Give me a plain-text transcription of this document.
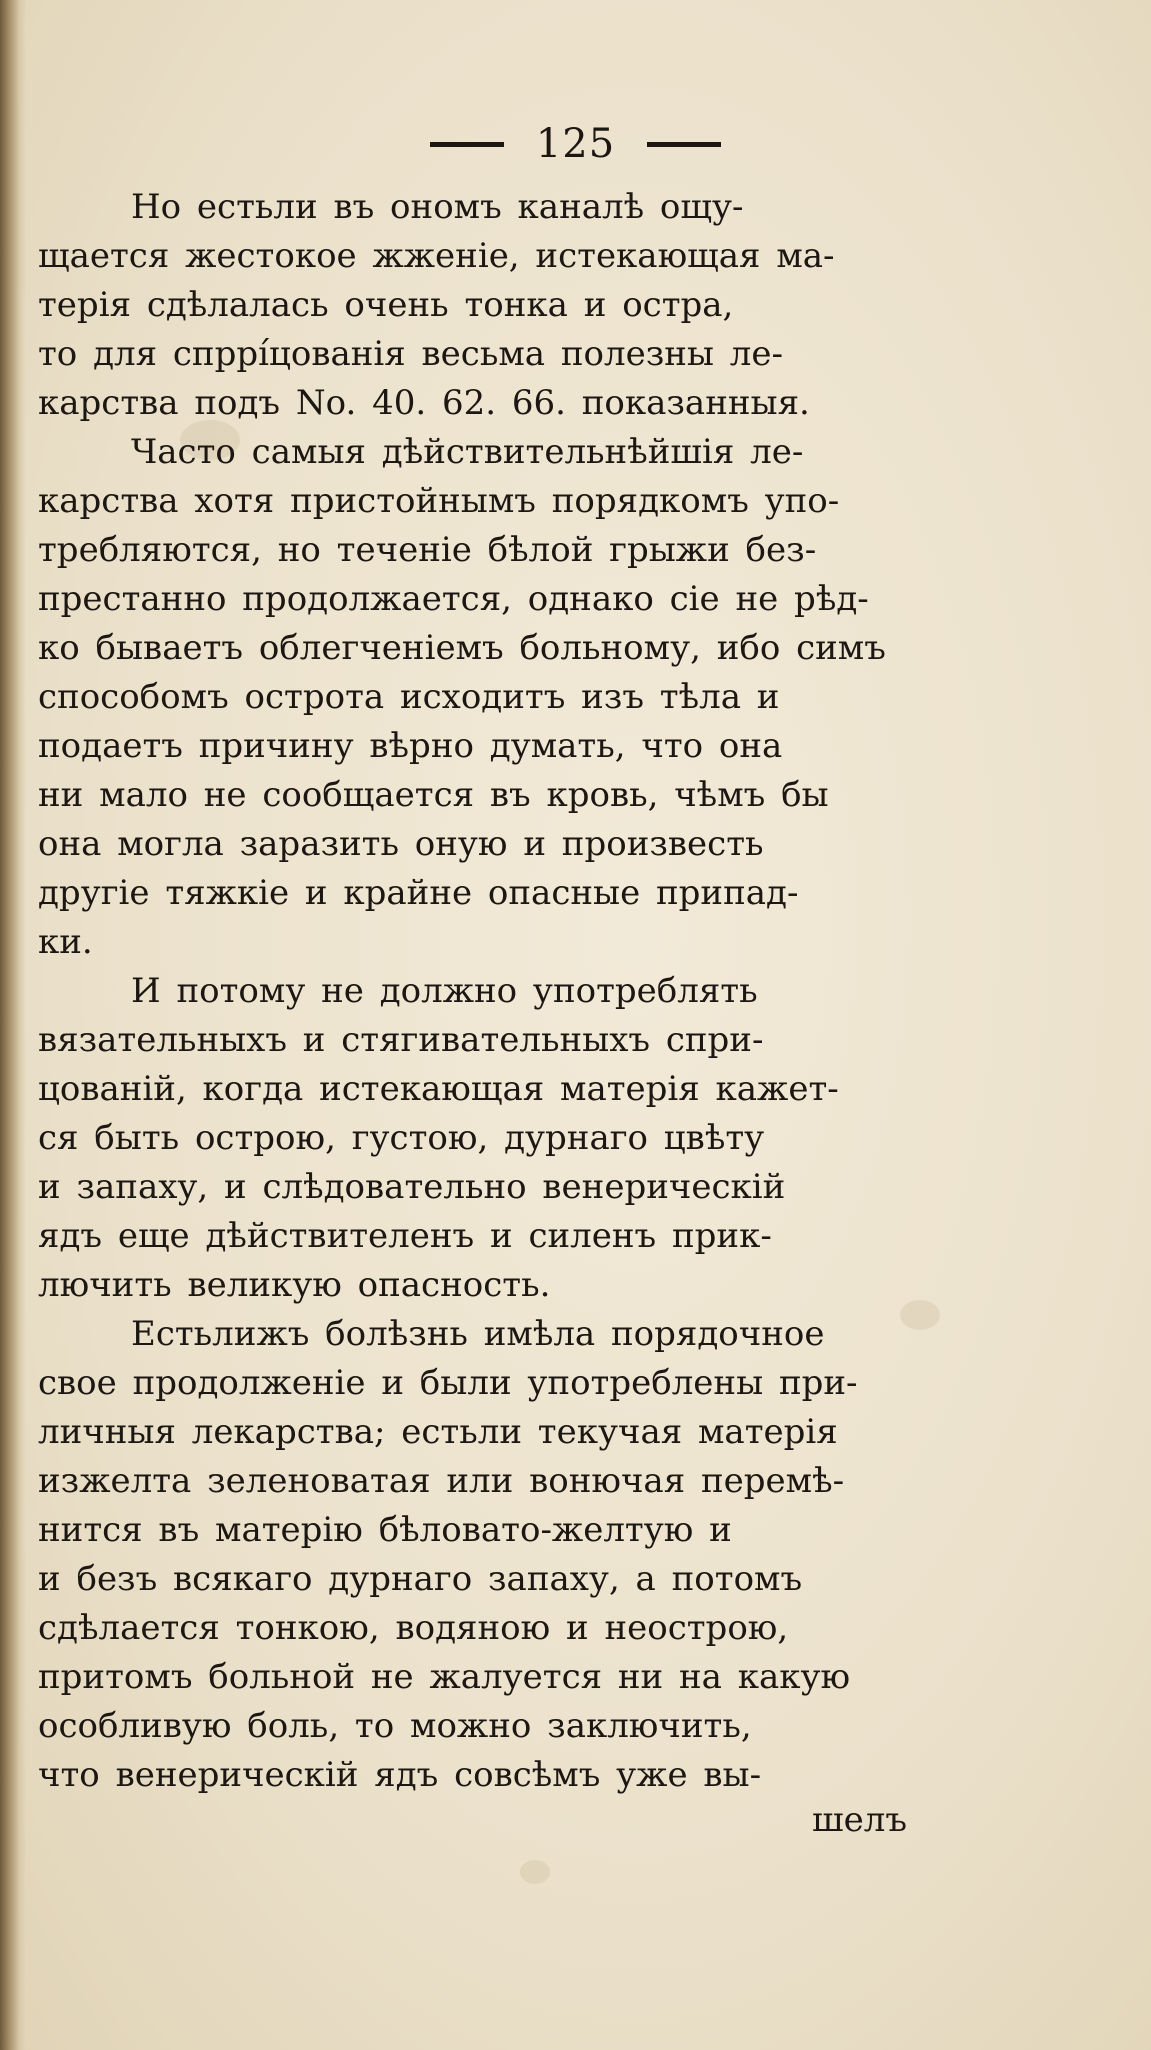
125
Но естьли въ ономъ каналѣ ощу-
щается жестокое жженіе, истекающая ма-
терія сдѣлалась очень тонка и остра,
то для спрpíцованія весьма полезны ле-
карства подъ No. 40. 62. 66. показанныя.
Часто самыя дѣйствительнѣйшія ле-
карства хотя пристойнымъ порядкомъ упо-
требляются, но теченіе бѣлой грыжи без-
престанно продолжается, однако сіе не рѣд-
ко бываетъ облегченіемъ больному, ибо симъ
способомъ острота исходитъ изъ тѣла и
подаетъ причину вѣрно думать, что она
ни мало не сообщается въ кровь, чѣмъ бы
она могла заразить оную и произвесть
другіе тяжкіе и крайне опасные припад-
ки.
И потому не должно употреблять
вязательныхъ и стягивательныхъ спри-
цованій, когда истекающая матерія кажет-
ся быть острою, густою, дурнаго цвѣту
и запаху, и слѣдовательно венерическій
ядъ еще дѣйствителенъ и силенъ прик-
лючить великую опасность.
Естьлижъ болѣзнь имѣла порядочное
свое продолженіе и были употреблены при-
личныя лекарства; естьли текучая матерія
изжелта зеленоватая или вонючая перемѣ-
нится въ матерію бѣловато-желтую и
и безъ всякаго дурнаго запаху, а потомъ
сдѣлается тонкою, водяною и неострою,
притомъ больной не жалуется ни на какую
особливую боль, то можно заключить,
что венерическій ядъ совсѣмъ уже вы-
шелъ
